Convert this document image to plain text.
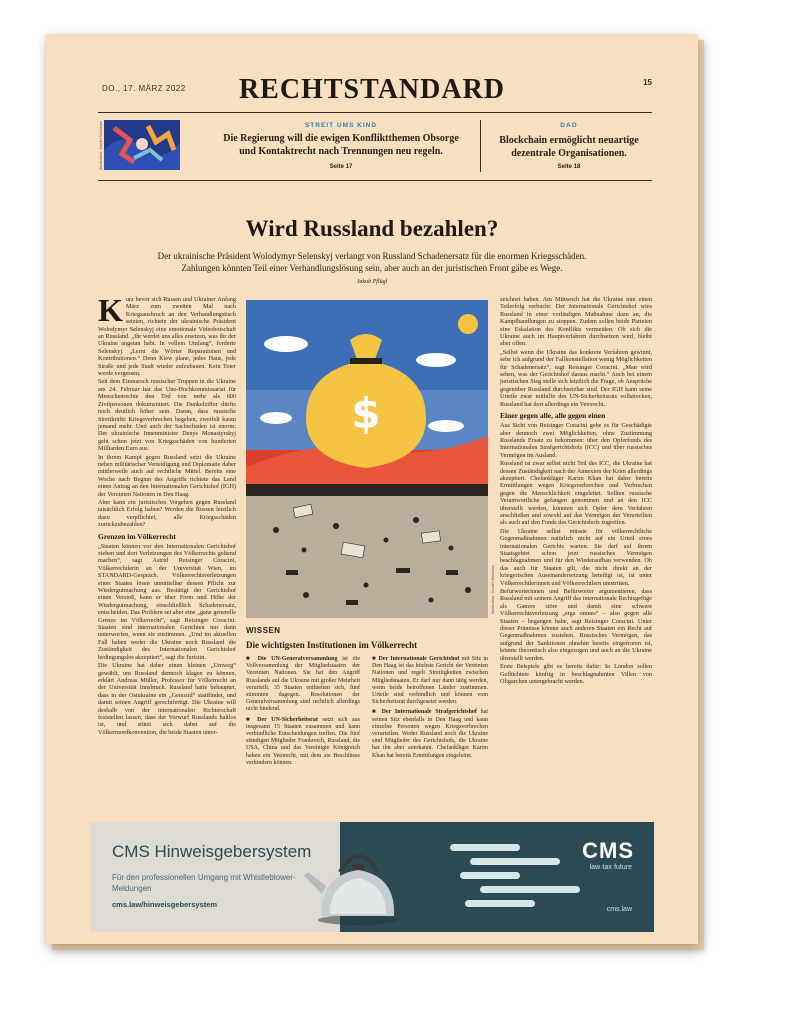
DO., 17. MÄRZ 2022	RECHTSTANDARD	15
Illustration: Daniel Mathews	STREIT UMS KIND
Die Regierung will die ewigen Konfliktthemen Obsorge und Kontaktrecht nach Trennungen neu regeln.
Seite 17
DAO
Blockchain ermöglicht neuartige dezentrale Organisationen.
Seite 18
Wird Russland bezahlen?
Der ukrainische Präsident Wolodymyr Selenskyj verlangt von Russland Schadenersatz für die enormen Kriegsschäden. Zahlungen könnten Teil einer Verhandlungslösung sein, aber auch an der juristischen Front gäbe es Wege.
Jakob Pflügl

Kurz bevor sich Russen und Ukrainer Anfang März zum zweiten Mal nach Kriegsausbruch an den Verhandlungstisch setzten, richtete der ukrainische Präsident Wolodymyr Selenskyj eine emotionale Videobotschaft an Russland. „Ihr werdet uns alles ersetzen, was ihr der Ukraine angetan habt. In vollem Umfang“, forderte Selenskyj. „Lernt die Wörter Reparationen und Kontributionen.“ Denn Kiew plane, jedes Haus, jede Straße und jede Stadt wieder aufzubauen. Kein Toter werde vergessen.

Seit dem Einmarsch russischer Truppen in die Ukraine am 24. Februar hat das Uno-Hochkommissariat für Menschenrechte den Tod von mehr als 600 Zivilpersonen dokumentiert. Die Dunkelziffer dürfte noch deutlich höher sein. Daran, dass russische Streitkräfte Kriegsverbrechen begehen, zweifelt kaum jemand mehr. Und auch der Sachschaden ist enorm: Der ukrainische Innenminister Denys Monastyrskyj geht schon jetzt von Kriegsschäden von hunderten Milliarden Euro aus.

In ihrem Kampf gegen Russland setzt die Ukraine neben militärischer Verteidigung und Diplomatie daher mittlerweile auch auf rechtliche Mittel. Bereits eine Woche nach Beginn des Angriffs richtete das Land einen Antrag an den Internationalen Gerichtshof (IGH) der Vereinten Nationen in Den Haag.

Aber kann ein juristisches Vorgehen gegen Russland tatsächlich Erfolg haben? Werden die Russen letztlich dazu verpflichtet, alle Kriegsschäden zurückzubezahlen?

Grenzen im Völkerrecht

„Staaten können vor den Internationalen Gerichtshof ziehen und dort Verletzungen des Völkerrechts geltend machen“, sagt Astrid Reisinger Coracini, Völkerrechtlerin an der Universität Wien, im STANDARD-Gespräch. Völkerrechtsverletzungen eines Staates lösen unmittelbar dessen Pflicht zur Wiedergutmachung aus. Bestätigt der Gerichtshof einen Verstoß, kann er über Form und Höhe der Wiedergutmachung, einschließlich Schadenersatz, entscheiden. Das Problem sei aber eine „ganz generelle Grenze im Völkerrecht“, sagt Reisinger Coracini: Staaten sind internationalen Gerichten nur dann unterworfen, wenn sie zustimmen. „Und im aktuellen Fall haben weder die Ukraine noch Russland die Zuständigkeit des Internationalen Gerichtshof bedingungslos akzeptiert“, sagt die Juristin.

Die Ukraine hat daher einen kleinen „Umweg“ gewählt, um Russland dennoch klagen zu können, erklärt Andreas Müller, Professor für Völkerrecht an der Universität Innsbruck. Russland hatte behauptet, dass in der Ostukraine ein „Genozid“ stattfindet, und damit seinen Angriff gerechtfertigt. Die Ukraine will deshalb von der internationalen Richterschaft feststellen lassen, dass der Vorwurf Russlands haltlos ist, und stützt sich dabei auf die Völkermordkonvention, die beide Staaten unter-

$
Illustration: Daniel Mathews
WISSEN
Die wichtigsten Institutionen im Völkerrecht

■ Die UN-Generalversammlung ist die Vollversammlung der Mitgliedstaaten der Vereinten Nationen. Sie hat den Angriff Russlands auf die Ukraine mit großer Mehrheit verurteilt. 35 Staaten enthielten sich, fünf stimmten dagegen. Resolutionen der Generalversammlung sind rechtlich allerdings nicht bindend.

■ Der UN-Sicherheitsrat setzt sich aus insgesamt 15 Staaten zusammen und kann verbindliche Entscheidungen treffen. Die fünf ständigen Mitglieder Frankreich, Russland, die USA, China und das Vereinigte Königreich haben ein Vetorecht, mit dem sie Beschlüsse verhindern können.

■ Der Internationale Gerichtshof mit Sitz in Den Haag ist das höchste Gericht der Vereinten Nationen und regelt Streitigkeiten zwischen Mitgliedstaaten. Er darf nur dann tätig werden, wenn beide betroffenen Länder zustimmen. Urteile sind verbindlich und können vom Sicherheitsrat durchgesetzt werden.

■ Der Internationale Strafgerichtshof hat seinen Sitz ebenfalls in Den Haag und kann einzelne Personen wegen Kriegsverbrechen verurteilen. Weder Russland noch die Ukraine sind Mitglieder des Gerichtshofs, die Ukraine hat ihn aber anerkannt. Chefankläger Karim Khan hat bereits Ermittlungen eingeleitet.

zeichnet haben. Am Mittwoch hat die Ukraine nun einen Teilerfolg verbucht: Der Internationale Gerichtshof wies Russland in einer vorläufigen Maßnahme dazu an, die Kampfhandlungen zu stoppen. Zudem sollen beide Parteien eine Eskalation des Konflikts vermeiden. Ob sich die Ukraine auch im Hauptverfahren durchsetzen wird, bleibt aber offen.

„Selbst wenn die Ukraine das konkrete Verfahren gewinnt, sehe ich aufgrund der Fallkonstellation wenig Möglichkeiten für Schadenersatz“, sagt Reisinger Coracini. „Man wird sehen, was der Gerichtshof daraus macht.“ Auch bei einem juristischen Sieg stelle sich letztlich die Frage, ob Ansprüche gegenüber Russland durchsetzbar sind. Der IGH kann seine Urteile zwar mithilfe des UN-Sicherheitsrats vollstrecken, Russland hat dort allerdings ein Vetorecht.

Einer gegen alle, alle gegen einen

Aus Sicht von Reisinger Coracini gebe es für Geschädigte aber dennoch zwei Möglichkeiten, ohne Zustimmung Russlands Ersatz zu bekommen: über den Opferfonds des Internationalen Strafgerichtshofs (ICC) und über russisches Vermögen im Ausland.

Russland ist zwar selbst nicht Teil des ICC, die Ukraine hat dessen Zuständigkeit nach der Annexion der Krim allerdings akzeptiert. Chefankläger Karim Khan hat daher bereits Ermittlungen wegen Kriegsverbrechen und Verbrechen gegen die Menschlichkeit eingeleitet. Sollten russische Verantwortliche gefangen genommen und an den ICC überstellt werden, könnten sich Opfer dem Verfahren anschließen und sowohl auf das Vermögen der Verurteilten als auch auf den Fonds des Gerichtshofs zugreifen.

Die Ukraine selbst müsste für völkerrechtliche Gegenmaßnahmen natürlich nicht auf ein Urteil eines internationalen Gerichts warten. Sie darf auf ihrem Staatsgebiet schon jetzt russisches Vermögen beschlagnahmen und für den Wiederaufbau verwenden. Ob das auch für Staaten gilt, die nicht direkt an der kriegerischen Auseinandersetzung beteiligt ist, ist unter Völkerrechtlerinnen und Völkerrechtlern umstritten.

Befürworterinnen und Befürworter argumentieren, dass Russland mit seinem Angriff das internationale Rechtsgefüge als Ganzes störe und damit eine schwere Völkerrechtsverletzung „erga omnes“ – also gegen alle Staaten – begangen habe, sagt Reisinger Coracini. Unter dieser Prämisse könnte auch anderen Staaten ein Recht auf Gegenmaßnahmen zustehen. Russisches Vermögen, das aufgrund der Sanktionen ohnehin bereits eingefroren ist, könnte theoretisch also eingezogen und auch an die Ukraine überstellt werden.

Erste Beispiele gibt es bereits dafür: In London sollen Geflüchtete künftig in beschlagnahmten Villen von Oligarchen untergebracht werden.

CMS Hinweisgebersystem
Für den professionellen Umgang mit Whistleblower-Meldungen
cms.law/hinweisgebersystem
CMS
law·tax·future
cms.law
